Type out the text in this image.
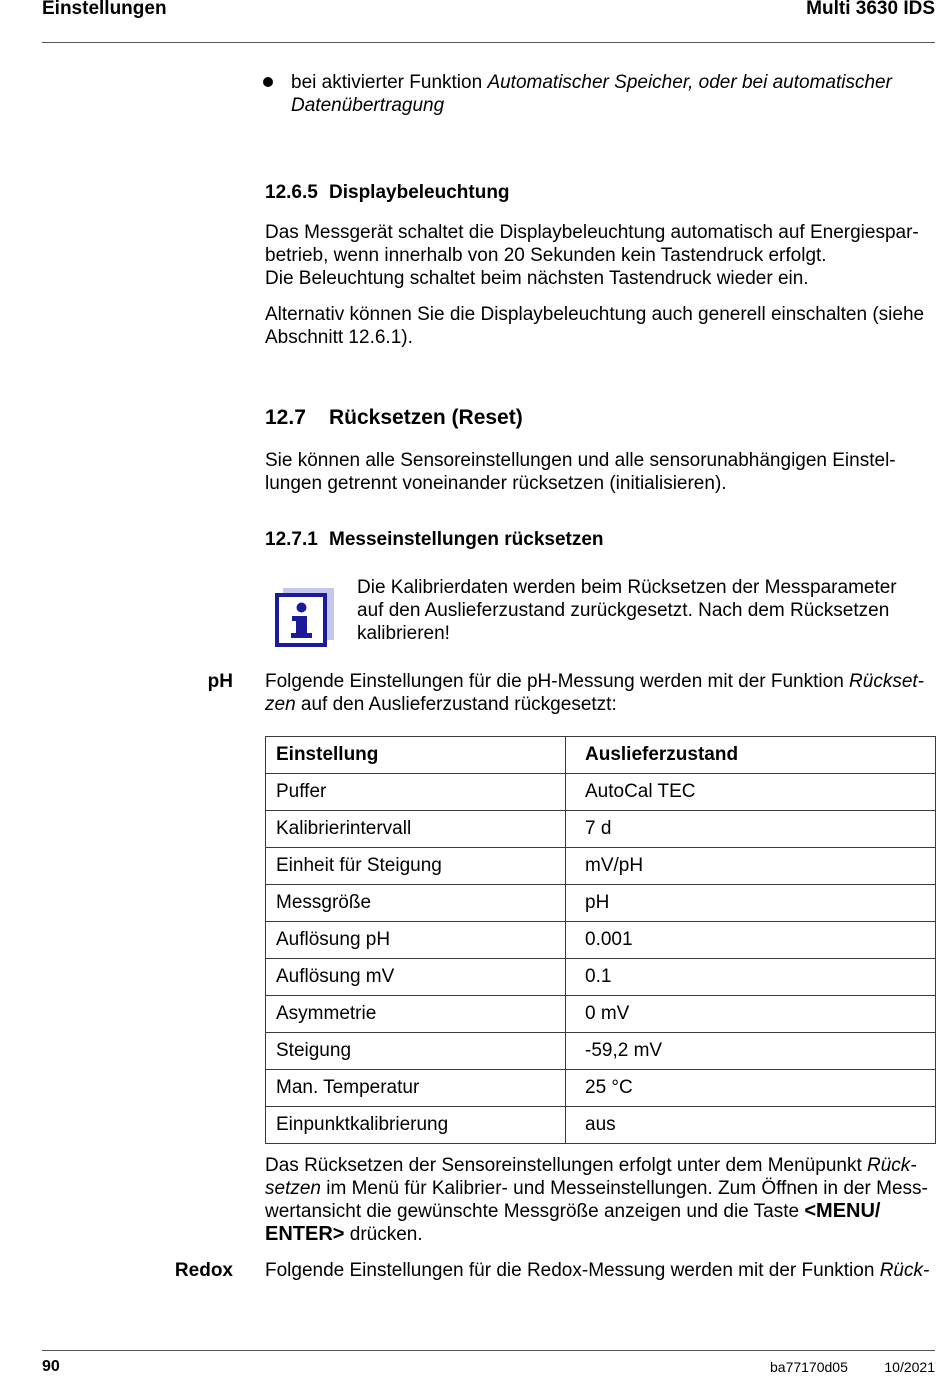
Einstellungen	Multi 3630 IDS
bei aktivierter Funktion Automatischer Speicher, oder bei automatischer
Datenübertragung
12.6.5 Displaybeleuchtung
Das Messgerät schaltet die Displaybeleuchtung automatisch auf Energiespar-
betrieb, wenn innerhalb von 20 Sekunden kein Tastendruck erfolgt.
Die Beleuchtung schaltet beim nächsten Tastendruck wieder ein.
Alternativ können Sie die Displaybeleuchtung auch generell einschalten (siehe
Abschnitt 12.6.1).
12.7 Rücksetzen (Reset)
Sie können alle Sensoreinstellungen und alle sensorunabhängigen Einstel-
lungen getrennt voneinander rücksetzen (initialisieren).
12.7.1 Messeinstellungen rücksetzen
Die Kalibrierdaten werden beim Rücksetzen der Messparameter
auf den Auslieferzustand zurückgesetzt. Nach dem Rücksetzen
kalibrieren!
pH Folgende Einstellungen für die pH-Messung werden mit der Funktion Rückset-
zen auf den Auslieferzustand rückgesetzt:
Einstellung	Auslieferzustand
Puffer	AutoCal TEC
Kalibrierintervall	7 d
Einheit für Steigung	mV/pH
Messgröße	pH
Auflösung pH	0.001
Auflösung mV	0.1
Asymmetrie	0 mV
Steigung	-59,2 mV
Man. Temperatur	25 °C
Einpunktkalibrierung	aus
Das Rücksetzen der Sensoreinstellungen erfolgt unter dem Menüpunkt Rück-
setzen im Menü für Kalibrier- und Messeinstellungen. Zum Öffnen in der Mess-
wertansicht die gewünschte Messgröße anzeigen und die Taste <MENU/
ENTER> drücken.
Redox Folgende Einstellungen für die Redox-Messung werden mit der Funktion Rück-
90	ba77170d05	10/2021
